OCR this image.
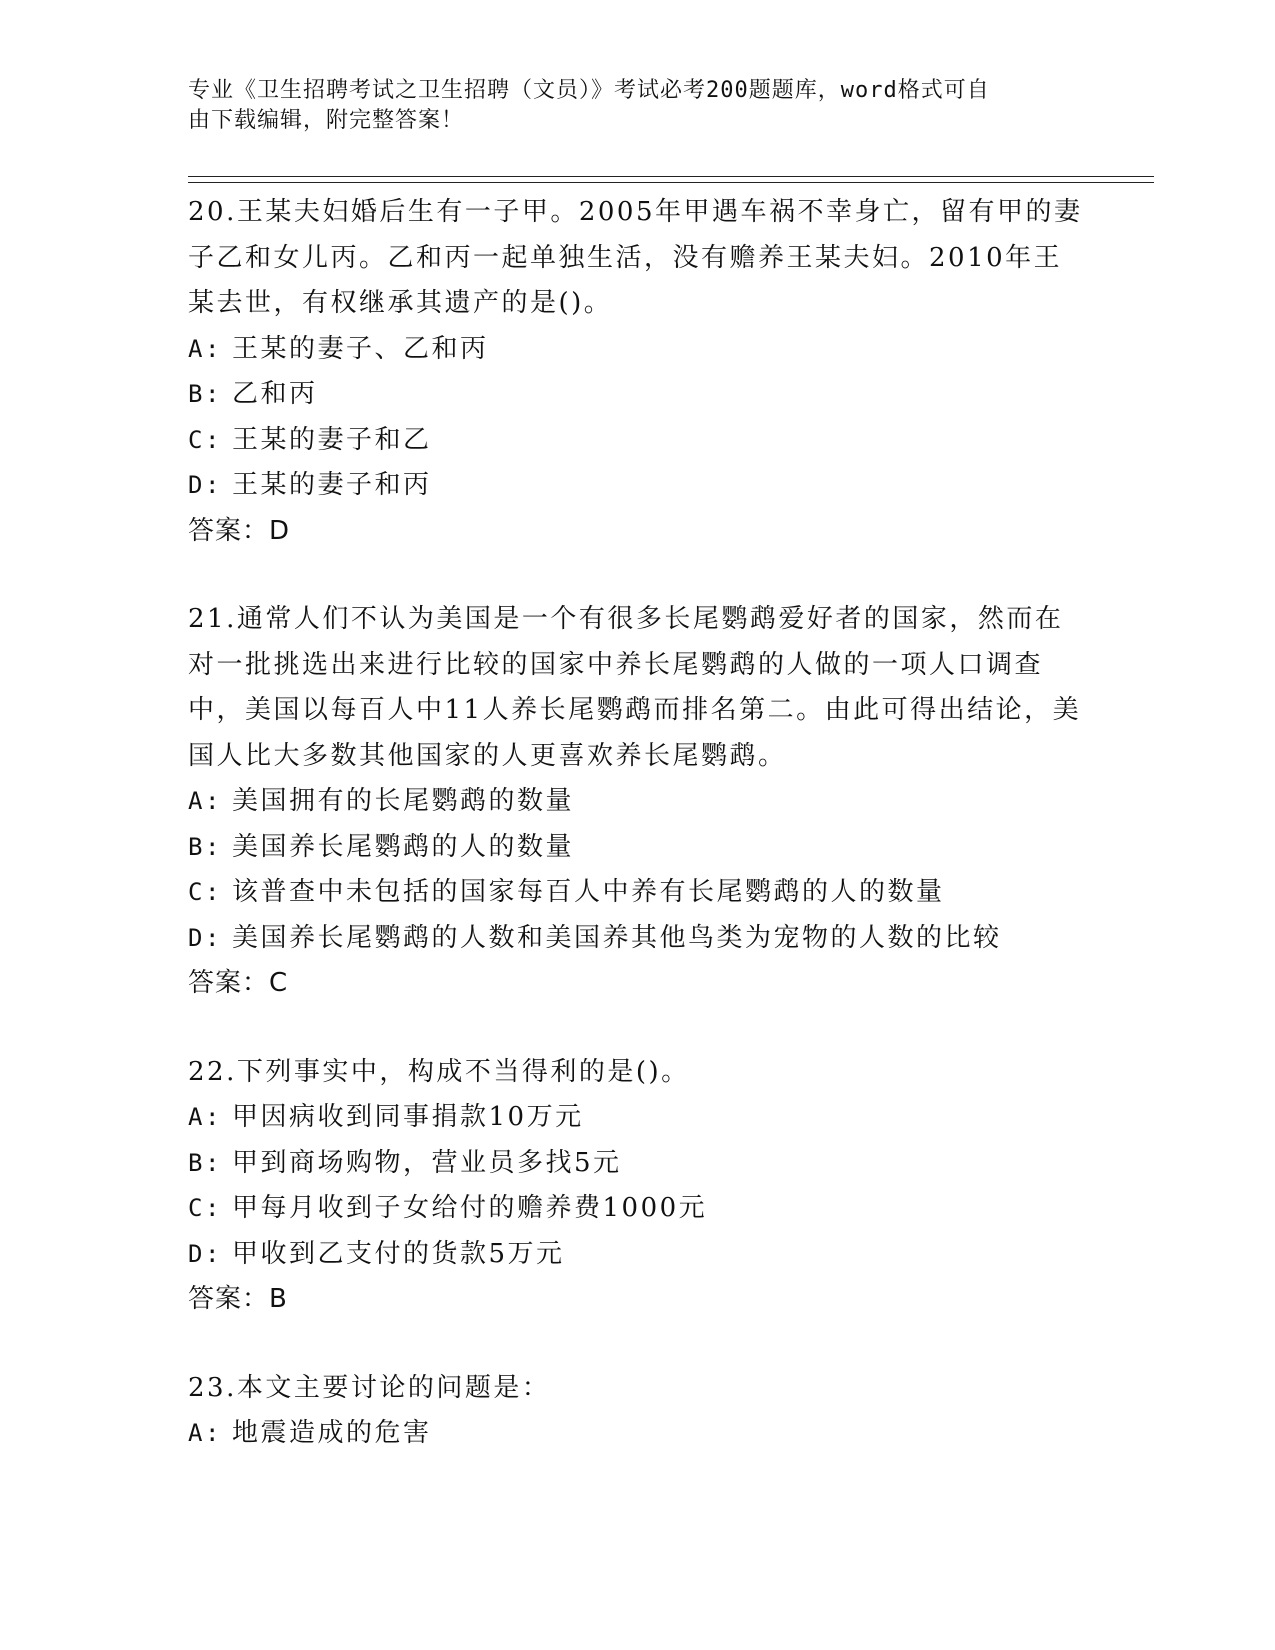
专业《卫生招聘考试之卫生招聘（文员）》考试必考200题题库，word格式可自
由下载编辑，附完整答案！

20.王某夫妇婚后生有一子甲。2005年甲遇车祸不幸身亡，留有甲的妻子乙和女儿丙。乙和丙一起单独生活，没有赡养王某夫妇。2010年王某去世，有权继承其遗产的是()。

A: 王某的妻子、乙和丙

B: 乙和丙

C: 王某的妻子和乙

D: 王某的妻子和丙

答案：D

21.通常人们不认为美国是一个有很多长尾鹦鹉爱好者的国家，然而在对一批挑选出来进行比较的国家中养长尾鹦鹉的人做的一项人口调查中，美国以每百人中11人养长尾鹦鹉而排名第二。由此可得出结论，美国人比大多数其他国家的人更喜欢养长尾鹦鹉。

A: 美国拥有的长尾鹦鹉的数量

B: 美国养长尾鹦鹉的人的数量

C: 该普查中未包括的国家每百人中养有长尾鹦鹉的人的数量

D: 美国养长尾鹦鹉的人数和美国养其他鸟类为宠物的人数的比较

答案：C

22.下列事实中，构成不当得利的是()。

A: 甲因病收到同事捐款10万元

B: 甲到商场购物，营业员多找5元

C: 甲每月收到子女给付的赡养费1000元

D: 甲收到乙支付的货款5万元

答案：B

23.本文主要讨论的问题是：

A: 地震造成的危害
